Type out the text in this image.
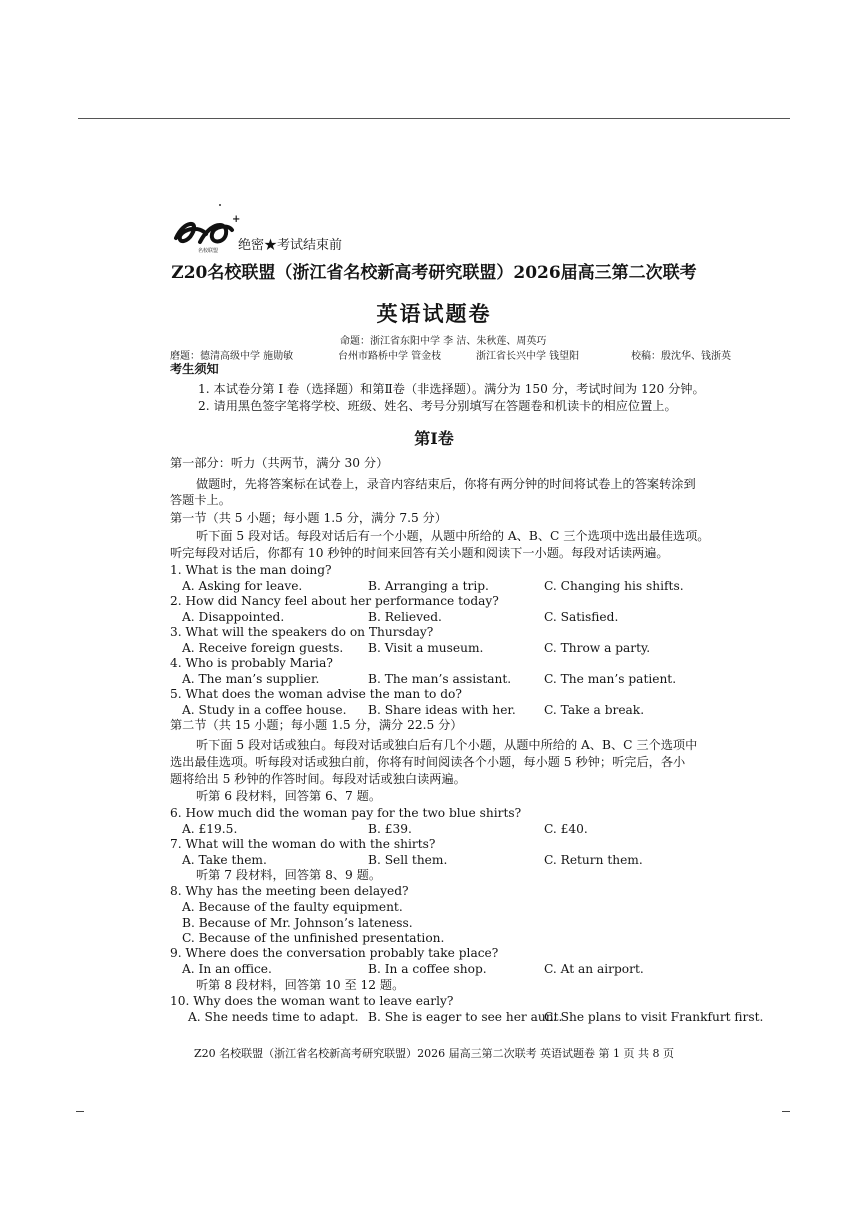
+
名校联盟 绝密★考试结束前
Z20名校联盟（浙江省名校新高考研究联盟）2026届高三第二次联考
英语试题卷
命题：浙江省东阳中学 李 洁、朱秋莲、周英巧
磨题：德清高级中学 施勋敏	台州市路桥中学 管金枝	浙江省长兴中学 钱望阳	校稿：殷沈华、钱浙英
考生须知
1. 本试卷分第 I 卷（选择题）和第Ⅱ卷（非选择题）。满分为 150 分，考试时间为 120 分钟。
2. 请用黑色签字笔将学校、班级、姓名、考号分别填写在答题卷和机读卡的相应位置上。
第Ⅰ卷
第一部分：听力（共两节，满分 30 分）
做题时，先将答案标在试卷上，录音内容结束后，你将有两分钟的时间将试卷上的答案转涂到
答题卡上。
第一节（共 5 小题；每小题 1.5 分，满分 7.5 分）
听下面 5 段对话。每段对话后有一个小题，从题中所给的 A、B、C 三个选项中选出最佳选项。
听完每段对话后，你都有 10 秒钟的时间来回答有关小题和阅读下一小题。每段对话读两遍。
1. What is the man doing?
A. Asking for leave.	B. Arranging a trip.	C. Changing his shifts.
2. How did Nancy feel about her performance today?
A. Disappointed.	B. Relieved.	C. Satisfied.
3. What will the speakers do on Thursday?
A. Receive foreign guests. B. Visit a museum.	C. Throw a party.
4. Who is probably Maria?
A. The man’s supplier.	B. The man’s assistant.	C. The man’s patient.
5. What does the woman advise the man to do?
A. Study in a coffee house. B. Share ideas with her. C. Take a break.
第二节（共 15 小题；每小题 1.5 分，满分 22.5 分）
听下面 5 段对话或独白。每段对话或独白后有几个小题，从题中所给的 A、B、C 三个选项中
选出最佳选项。听每段对话或独白前，你将有时间阅读各个小题，每小题 5 秒钟；听完后，各小
题将给出 5 秒钟的作答时间。每段对话或独白读两遍。
听第 6 段材料，回答第 6、7 题。
6. How much did the woman pay for the two blue shirts?
A. £19.5.	B. £39.	C. £40.
7. What will the woman do with the shirts?
A. Take them.	B. Sell them.	C. Return them.
听第 7 段材料，回答第 8、9 题。
8. Why has the meeting been delayed?
A. Because of the faulty equipment.
B. Because of Mr. Johnson’s lateness.
C. Because of the unfinished presentation.
9. Where does the conversation probably take place?
A. In an office.	B. In a coffee shop.	C. At an airport.
听第 8 段材料，回答第 10 至 12 题。
10. Why does the woman want to leave early?
A. She needs time to adapt. B. She is eager to see her aunt.
C. She plans to visit Frankfurt first.
Z20 名校联盟（浙江省名校新高考研究联盟）2026 届高三第二次联考 英语试题卷 第 1 页 共 8 页
